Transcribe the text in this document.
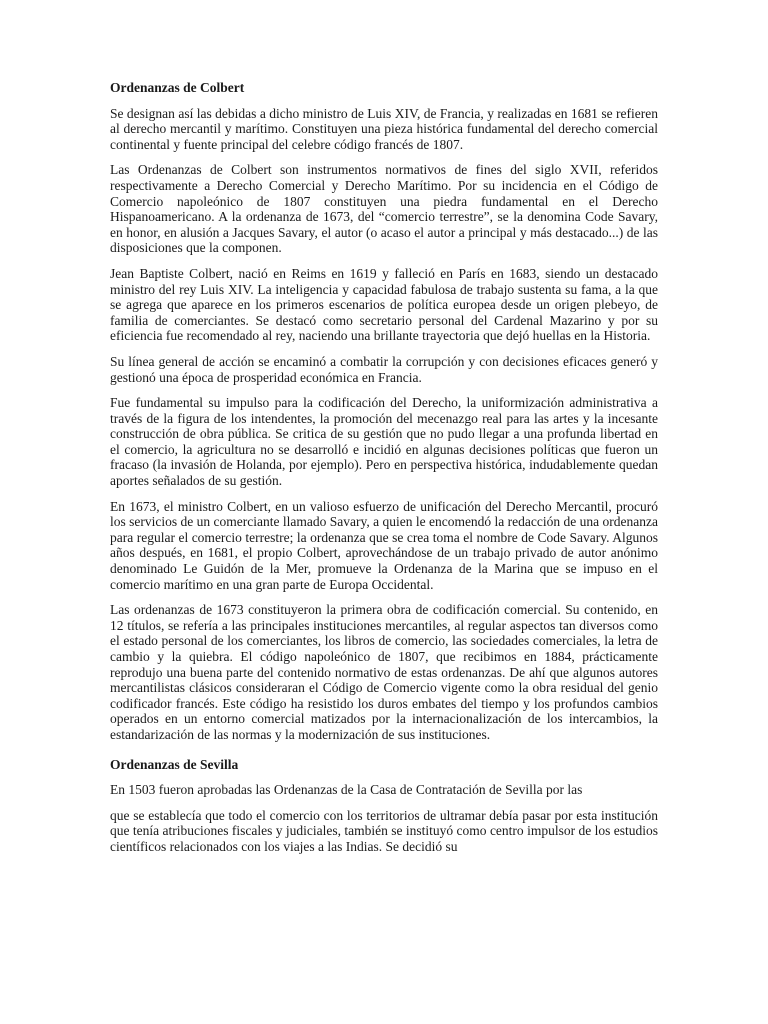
Ordenanzas de Colbert

Se designan así las debidas a dicho ministro de Luis XIV, de Francia, y realizadas en 1681 se refieren al derecho mercantil y marítimo. Constituyen una pieza histórica fundamental del derecho comercial continental y fuente principal del celebre código francés de 1807.

Las Ordenanzas de Colbert son instrumentos normativos de fines del siglo XVII, referidos respectivamente a Derecho Comercial y Derecho Marítimo. Por su incidencia en el Código de Comercio napoleónico de 1807 constituyen una piedra fundamental en el Derecho Hispanoamericano. A la ordenanza de 1673, del “comercio terrestre”, se la denomina Code Savary, en honor, en alusión a Jacques Savary, el autor (o acaso el autor a principal y más destacado...) de las disposiciones que la componen.

Jean Baptiste Colbert, nació en Reims en 1619 y falleció en París en 1683, siendo un destacado ministro del rey Luis XIV. La inteligencia y capacidad fabulosa de trabajo sustenta su fama, a la que se agrega que aparece en los primeros escenarios de política europea desde un origen plebeyo, de familia de comerciantes. Se destacó como secretario personal del Cardenal Mazarino y por su eficiencia fue recomendado al rey, naciendo una brillante trayectoria que dejó huellas en la Historia.

Su línea general de acción se encaminó a combatir la corrupción y con decisiones eficaces generó y gestionó una época de prosperidad económica en Francia.

Fue fundamental su impulso para la codificación del Derecho, la uniformización administrativa a través de la figura de los intendentes, la promoción del mecenazgo real para las artes y la incesante construcción de obra pública. Se critica de su gestión que no pudo llegar a una profunda libertad en el comercio, la agricultura no se desarrolló e incidió en algunas decisiones políticas que fueron un fracaso (la invasión de Holanda, por ejemplo). Pero en perspectiva histórica, indudablemente quedan aportes señalados de su gestión.

En 1673, el ministro Colbert, en un valioso esfuerzo de unificación del Derecho Mercantil, procuró los servicios de un comerciante llamado Savary, a quien le encomendó la redacción de una ordenanza para regular el comercio terrestre; la ordenanza que se crea toma el nombre de Code Savary. Algunos años después, en 1681, el propio Colbert, aprovechándose de un trabajo privado de autor anónimo denominado Le Guidón de la Mer, promueve la Ordenanza de la Marina que se impuso en el comercio marítimo en una gran parte de Europa Occidental.

Las ordenanzas de 1673 constituyeron la primera obra de codificación comercial. Su contenido, en 12 títulos, se refería a las principales instituciones mercantiles, al regular aspectos tan diversos como el estado personal de los comerciantes, los libros de comercio, las sociedades comerciales, la letra de cambio y la quiebra. El código napoleónico de 1807, que recibimos en 1884, prácticamente reprodujo una buena parte del contenido normativo de estas ordenanzas. De ahí que algunos autores mercantilistas clásicos consideraran el Código de Comercio vigente como la obra residual del genio codificador francés. Este código ha resistido los duros embates del tiempo y los profundos cambios operados en un entorno comercial matizados por la internacionalización de los intercambios, la estandarización de las normas y la modernización de sus instituciones.

Ordenanzas de Sevilla

En 1503 fueron aprobadas las Ordenanzas de la Casa de Contratación de Sevilla por las

que se establecía que todo el comercio con los territorios de ultramar debía pasar por esta institución que tenía atribuciones fiscales y judiciales, también se instituyó como centro impulsor de los estudios científicos relacionados con los viajes a las Indias. Se decidió su
